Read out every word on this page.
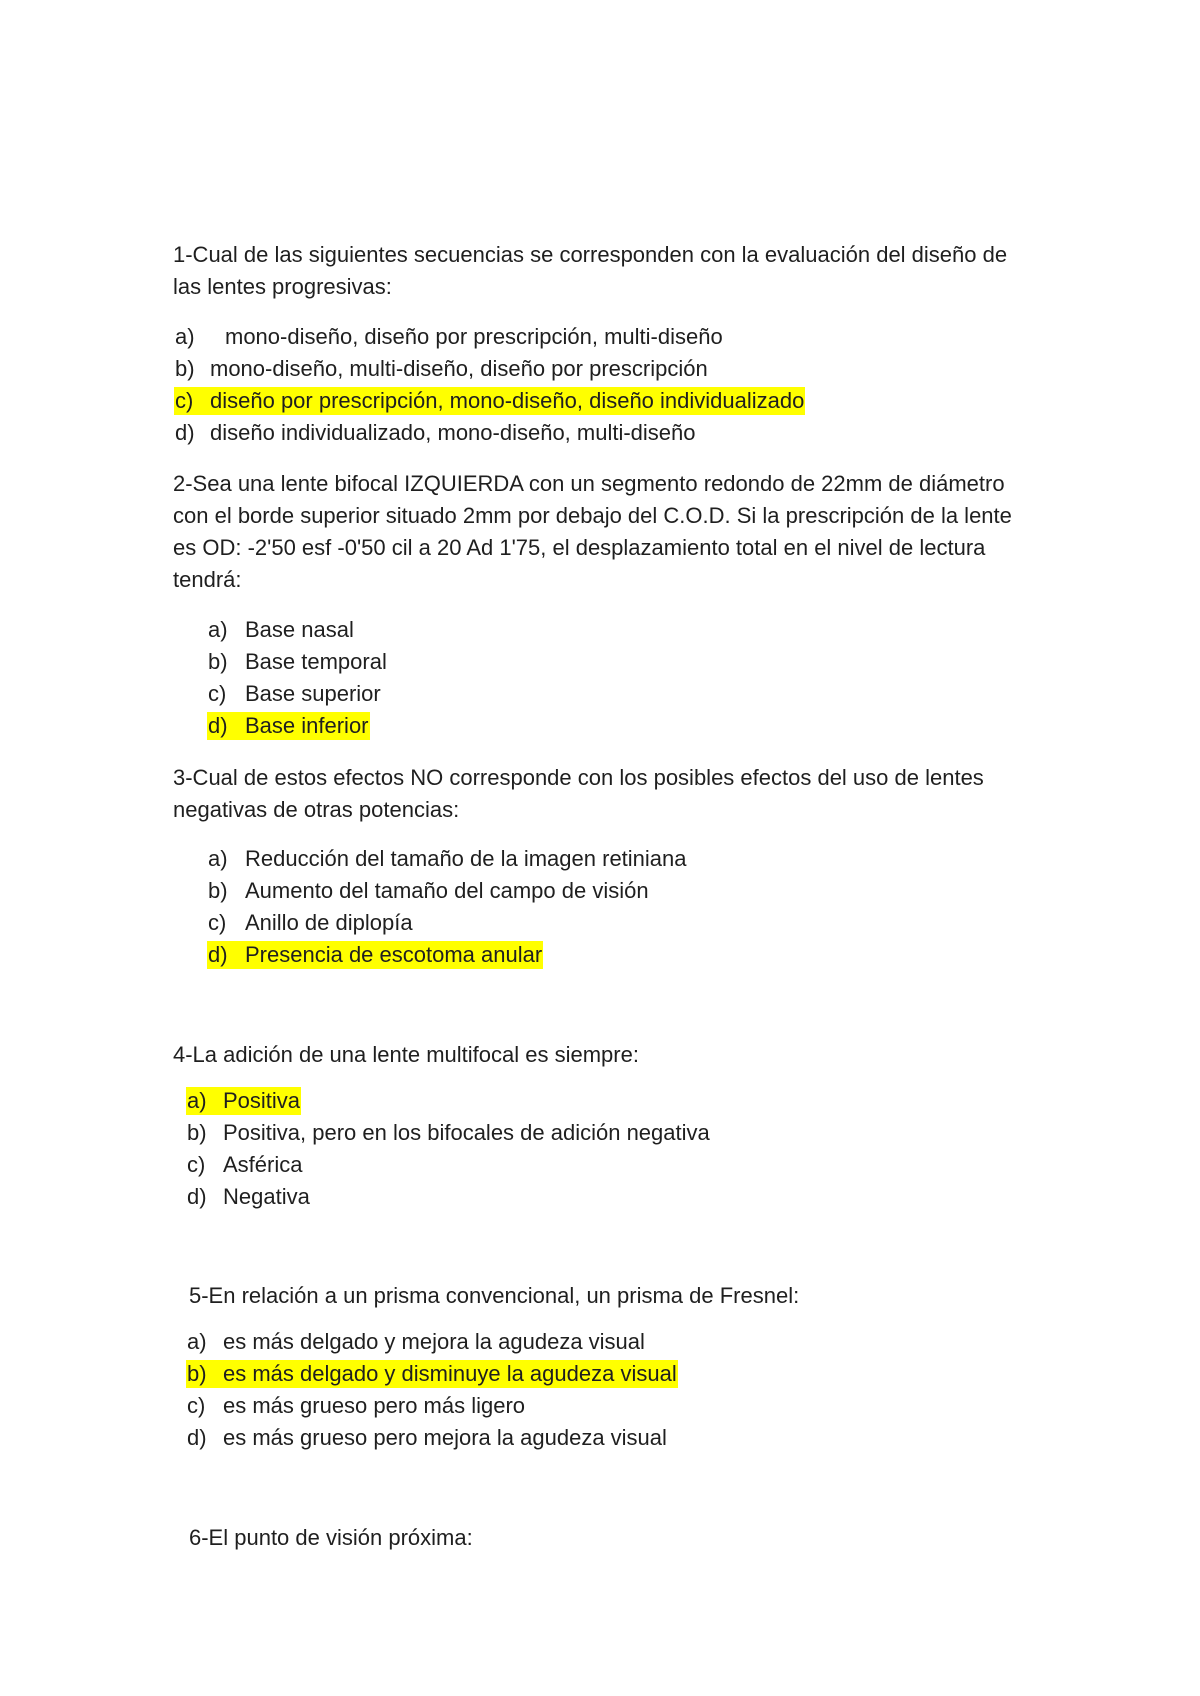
1-Cual de las siguientes secuencias se corresponden con la evaluación del diseño de las lentes progresivas:

a) mono-diseño, diseño por prescripción, multi-diseño
b) mono-diseño, multi-diseño, diseño por prescripción
c) diseño por prescripción, mono-diseño, diseño individualizado
d) diseño individualizado, mono-diseño, multi-diseño

2-Sea una lente bifocal IZQUIERDA con un segmento redondo de 22mm de diámetro con el borde superior situado 2mm por debajo del C.O.D. Si la prescripción de la lente es OD: -2'50 esf -0'50 cil a 20 Ad 1'75, el desplazamiento total en el nivel de lectura tendrá:

a) Base nasal
b) Base temporal
c) Base superior
d) Base inferior

3-Cual de estos efectos NO corresponde con los posibles efectos del uso de lentes negativas de otras potencias:

a) Reducción del tamaño de la imagen retiniana
b) Aumento del tamaño del campo de visión
c) Anillo de diplopía
d) Presencia de escotoma anular

4-La adición de una lente multifocal es siempre:

a) Positiva
b) Positiva, pero en los bifocales de adición negativa
c) Asférica
d) Negativa

5-En relación a un prisma convencional, un prisma de Fresnel:

a) es más delgado y mejora la agudeza visual
b) es más delgado y disminuye la agudeza visual
c) es más grueso pero más ligero
d) es más grueso pero mejora la agudeza visual

6-El punto de visión próxima:
